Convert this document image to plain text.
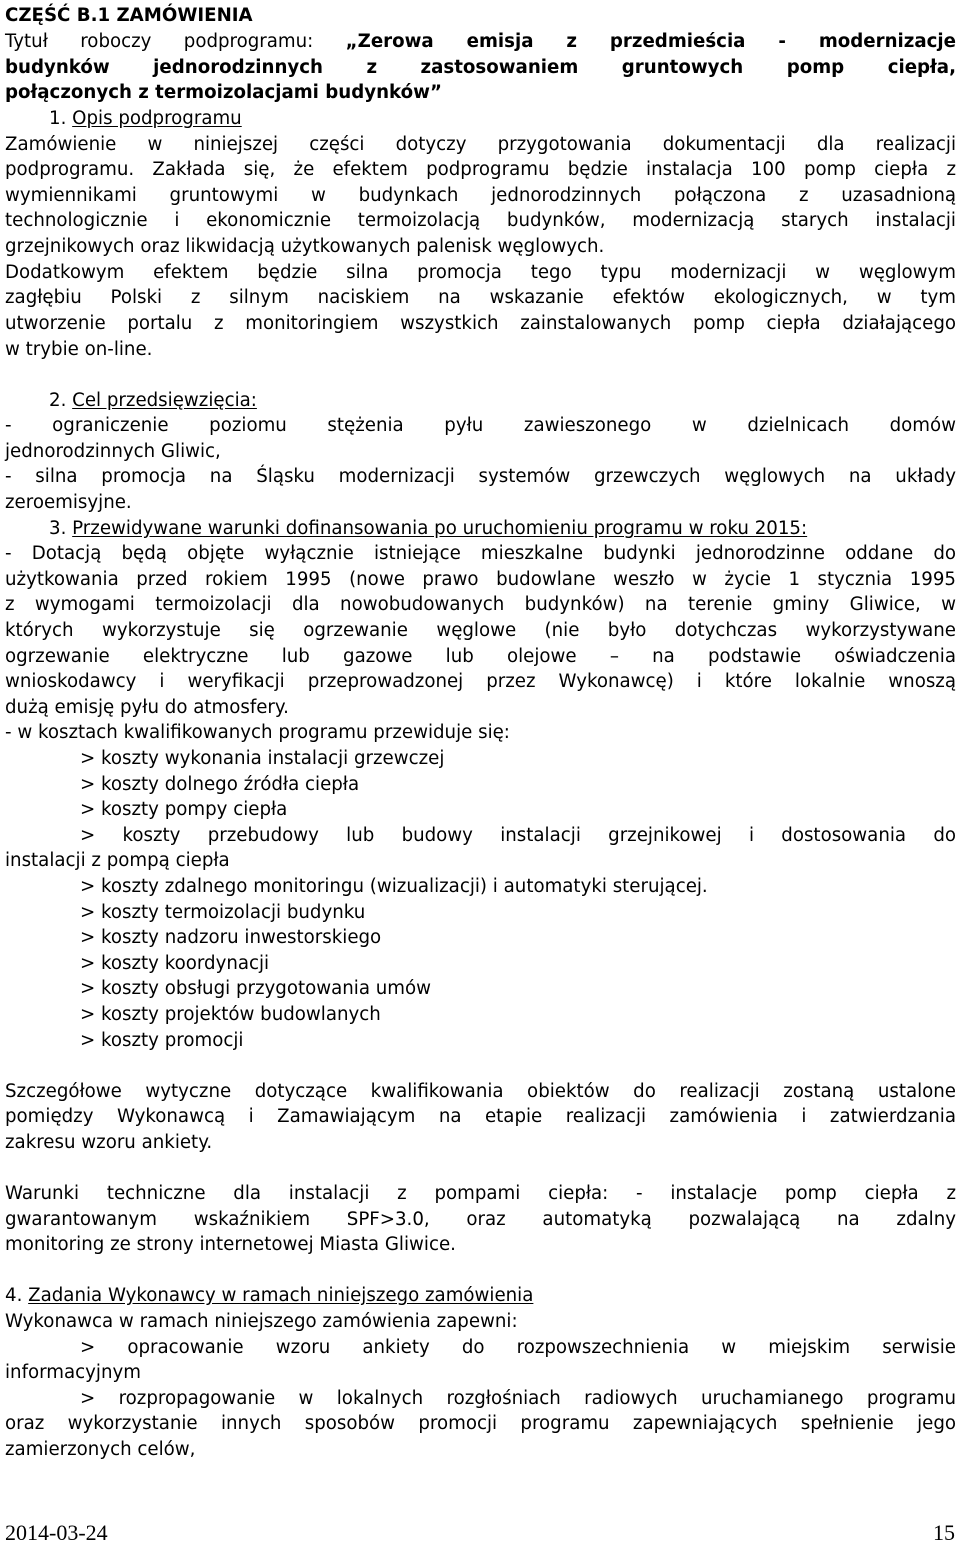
CZĘŚĆ B.1 ZAMÓWIENIA
Tytuł roboczy podprogramu: „Zerowa emisja z przedmieścia - modernizacje
budynków jednorodzinnych z zastosowaniem gruntowych pomp ciepła,
połączonych z termoizolacjami budynków”
1. Opis podprogramu
Zamówienie w niniejszej części dotyczy przygotowania dokumentacji dla realizacji
podprogramu. Zakłada się, że efektem podprogramu będzie instalacja 100 pomp ciepła z
wymiennikami gruntowymi w budynkach jednorodzinnych połączona z uzasadnioną
technologicznie i ekonomicznie termoizolacją budynków, modernizacją starych instalacji
grzejnikowych oraz likwidacją użytkowanych palenisk węglowych.
Dodatkowym efektem będzie silna promocja tego typu modernizacji w węglowym
zagłębiu Polski z silnym naciskiem na wskazanie efektów ekologicznych, w tym
utworzenie portalu z monitoringiem wszystkich zainstalowanych pomp ciepła działającego
w trybie on-line.
2. Cel przedsięwzięcia:
- ograniczenie poziomu stężenia pyłu zawieszonego w dzielnicach domów
jednorodzinnych Gliwic,
- silna promocja na Śląsku modernizacji systemów grzewczych węglowych na układy
zeroemisyjne.
3. Przewidywane warunki dofinansowania po uruchomieniu programu w roku 2015:
- Dotacją będą objęte wyłącznie istniejące mieszkalne budynki jednorodzinne oddane do
użytkowania przed rokiem 1995 (nowe prawo budowlane weszło w życie 1 stycznia 1995
z wymogami termoizolacji dla nowobudowanych budynków) na terenie gminy Gliwice, w
których wykorzystuje się ogrzewanie węglowe (nie było dotychczas wykorzystywane
ogrzewanie elektryczne lub gazowe lub olejowe – na podstawie oświadczenia
wnioskodawcy i weryfikacji przeprowadzonej przez Wykonawcę) i które lokalnie wnoszą
dużą emisję pyłu do atmosfery.
- w kosztach kwalifikowanych programu przewiduje się:
> koszty wykonania instalacji grzewczej
> koszty dolnego źródła ciepła
> koszty pompy ciepła
> koszty przebudowy lub budowy instalacji grzejnikowej i dostosowania do
instalacji z pompą ciepła
> koszty zdalnego monitoringu (wizualizacji) i automatyki sterującej.
> koszty termoizolacji budynku
> koszty nadzoru inwestorskiego
> koszty koordynacji
> koszty obsługi przygotowania umów
> koszty projektów budowlanych
> koszty promocji
Szczegółowe wytyczne dotyczące kwalifikowania obiektów do realizacji zostaną ustalone
pomiędzy Wykonawcą i Zamawiającym na etapie realizacji zamówienia i zatwierdzania
zakresu wzoru ankiety.
Warunki techniczne dla instalacji z pompami ciepła: - instalacje pomp ciepła z
gwarantowanym wskaźnikiem SPF>3.0, oraz automatyką pozwalającą na zdalny
monitoring ze strony internetowej Miasta Gliwice.
4. Zadania Wykonawcy w ramach niniejszego zamówienia
Wykonawca w ramach niniejszego zamówienia zapewni:
> opracowanie wzoru ankiety do rozpowszechnienia w miejskim serwisie
informacyjnym
> rozpropagowanie w lokalnych rozgłośniach radiowych uruchamianego programu
oraz wykorzystanie innych sposobów promocji programu zapewniających spełnienie jego
zamierzonych celów,
2014-03-24	15
